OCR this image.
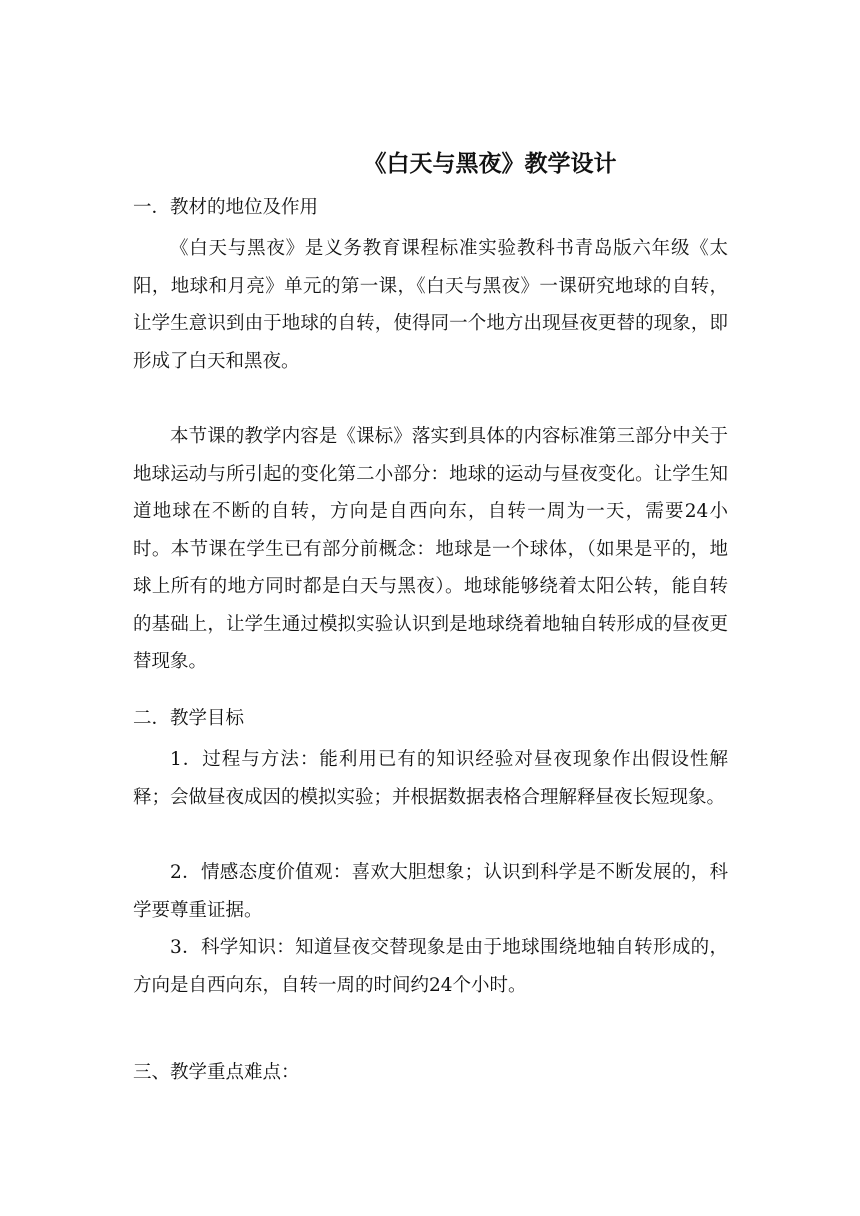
《白天与黑夜》教学设计
一．教材的地位及作用
《白天与黑夜》是义务教育课程标准实验教科书青岛版六年级《太阳，地球和月亮》单元的第一课，《白天与黑夜》一课研究地球的自转，让学生意识到由于地球的自转，使得同一个地方出现昼夜更替的现象，即形成了白天和黑夜。
本节课的教学内容是《课标》落实到具体的内容标准第三部分中关于地球运动与所引起的变化第二小部分：地球的运动与昼夜变化。让学生知道地球在不断的自转，方向是自西向东，自转一周为一天，需要24小时。本节课在学生已有部分前概念：地球是一个球体，（如果是平的，地球上所有的地方同时都是白天与黑夜）。地球能够绕着太阳公转，能自转的基础上，让学生通过模拟实验认识到是地球绕着地轴自转形成的昼夜更替现象。
二．教学目标
1．过程与方法：能利用已有的知识经验对昼夜现象作出假设性解释；会做昼夜成因的模拟实验；并根据数据表格合理解释昼夜长短现象。
2．情感态度价值观：喜欢大胆想象；认识到科学是不断发展的，科学要尊重证据。
3．科学知识：知道昼夜交替现象是由于地球围绕地轴自转形成的，方向是自西向东，自转一周的时间约24个小时。
三、教学重点难点：
